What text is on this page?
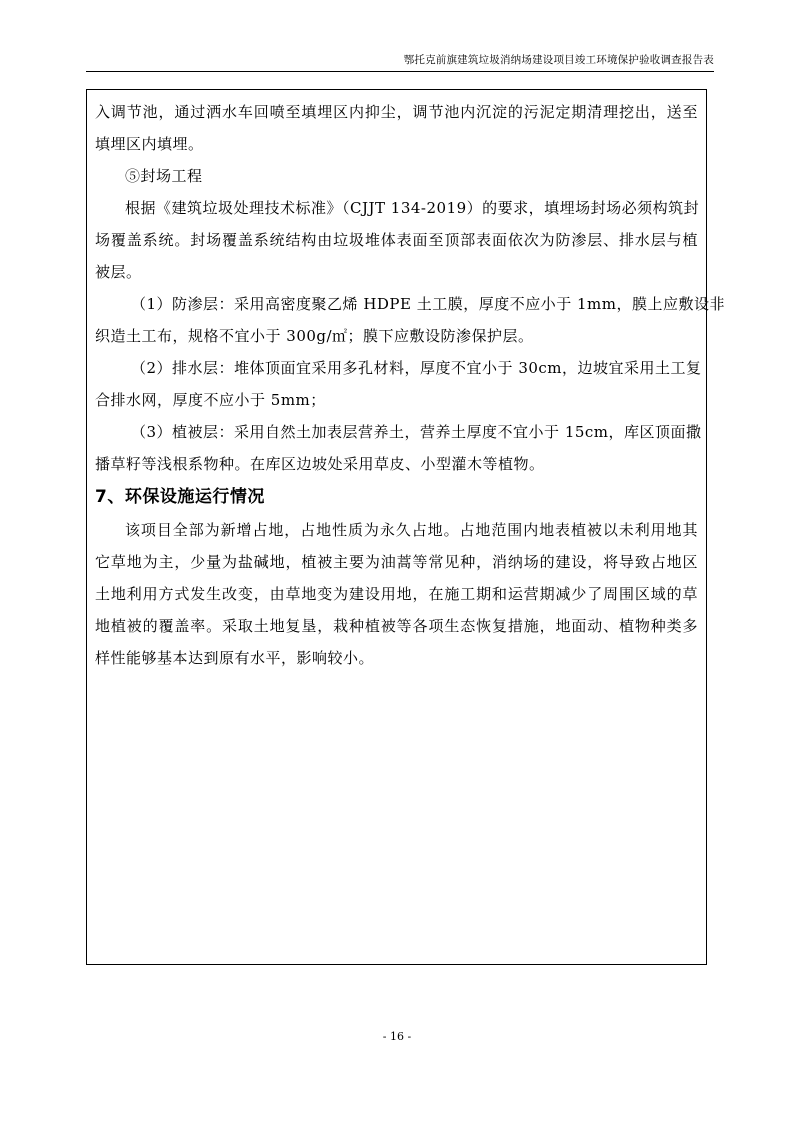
鄂托克前旗建筑垃圾消纳场建设项目竣工环境保护验收调查报告表
入调节池，通过洒水车回喷至填埋区内抑尘，调节池内沉淀的污泥定期清理挖出，送至
填埋区内填埋。
⑤封场工程
根据《建筑垃圾处理技术标准》（CJJT 134-2019）的要求，填埋场封场必须构筑封
场覆盖系统。封场覆盖系统结构由垃圾堆体表面至顶部表面依次为防渗层、排水层与植
被层。
（1）防渗层：采用高密度聚乙烯 HDPE 土工膜，厚度不应小于 1mm，膜上应敷设非
织造土工布，规格不宜小于 300g/㎡；膜下应敷设防渗保护层。
（2）排水层：堆体顶面宜采用多孔材料，厚度不宜小于 30cm，边坡宜采用土工复
合排水网，厚度不应小于 5mm；
（3）植被层：采用自然土加表层营养土，营养土厚度不宜小于 15cm，库区顶面撒
播草籽等浅根系物种。在库区边坡处采用草皮、小型灌木等植物。
7、环保设施运行情况
该项目全部为新增占地，占地性质为永久占地。占地范围内地表植被以未利用地其
它草地为主，少量为盐碱地，植被主要为油蒿等常见种，消纳场的建设，将导致占地区
土地利用方式发生改变，由草地变为建设用地，在施工期和运营期减少了周围区域的草
地植被的覆盖率。采取土地复垦，栽种植被等各项生态恢复措施，地面动、植物种类多
样性能够基本达到原有水平，影响较小。
- 16 -
